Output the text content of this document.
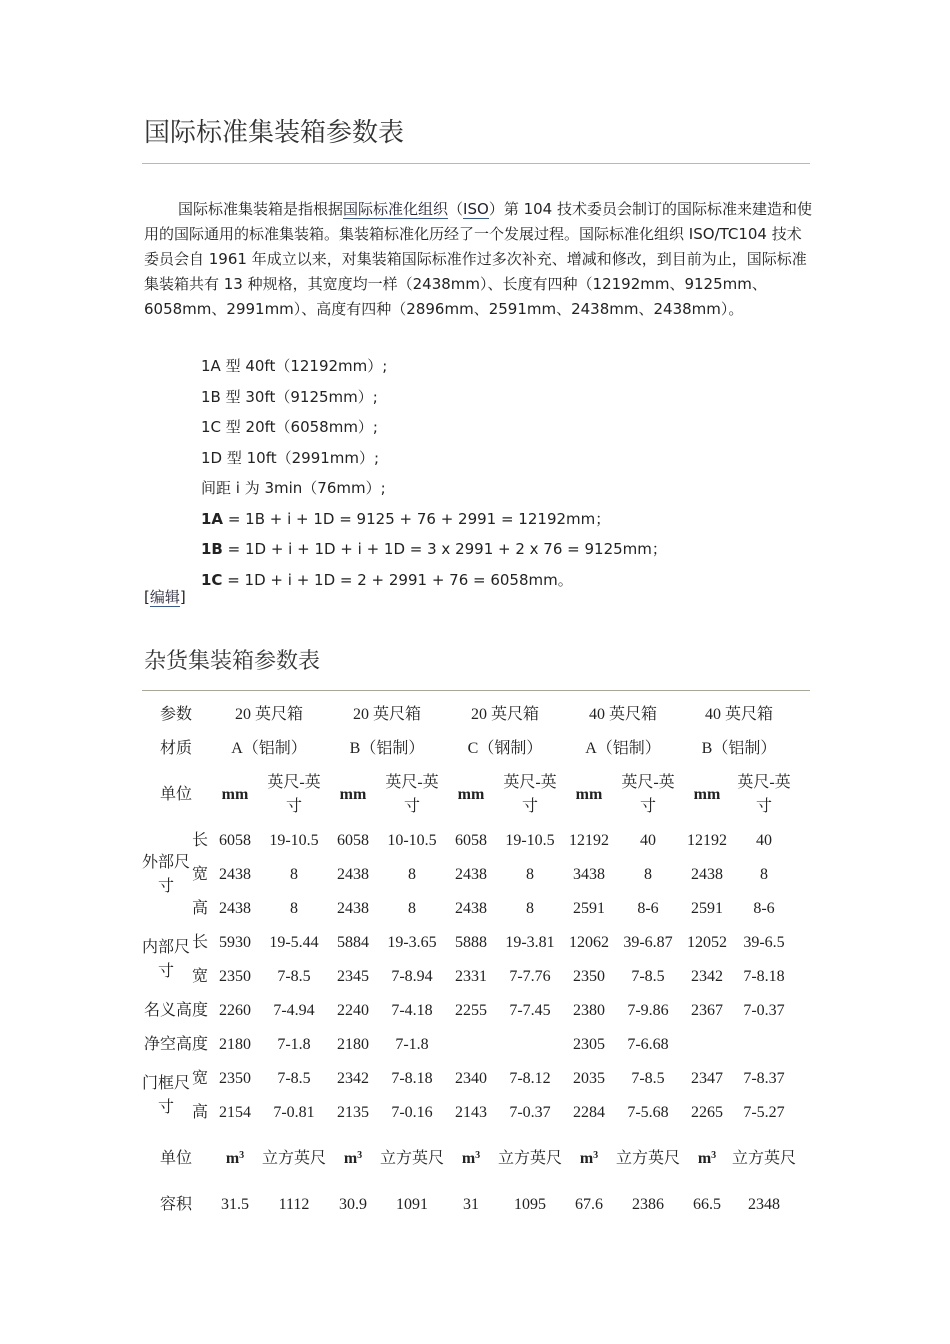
国际标准集装箱参数表

国际标准集装箱是指根据国际标准化组织（ISO）第 104 技术委员会制订的国际标准来建造和使用的国际通用的标准集装箱。集装箱标准化历经了一个发展过程。国际标准化组织 ISO/TC104 技术委员会自 1961 年成立以来，对集装箱国际标准作过多次补充、增减和修改，到目前为止，国际标准集装箱共有 13 种规格，其宽度均一样（2438mm）、长度有四种（12192mm、9125mm、6058mm、2991mm）、高度有四种（2896mm、2591mm、2438mm、2438mm）。

1A 型 40ft（12192mm）;
1B 型 30ft（9125mm）;
1C 型 20ft（6058mm）;
1D 型 10ft（2991mm）;
间距 i 为 3min（76mm）;
1A = 1B + i + 1D = 9125 + 76 + 2991 = 12192mm；
1B = 1D + i + 1D + i + 1D = 3 x 2991 + 2 x 76 = 9125mm；
1C = 1D + i + 1D = 2 + 2991 + 76 = 6058mm。
[编辑]
杂货集装箱参数表
参数		20 英尺箱		20 英尺箱		20 英尺箱		40 英尺箱		40 英尺箱	
材质		A（铝制）		B（铝制）		C（钢制）		A（铝制）		B（铝制）	
单位		mm	英尺-英寸	mm	英尺-英寸	mm	英尺-英寸	mm	英尺-英寸	mm	英尺-英寸
外部尺寸	长	6058	19-10.5	6058	10-10.5	6058	19-10.5	12192	40	12192	40
	宽	2438	8	2438	8	2438	8	3438	8	2438	8
	高	2438	8	2438	8	2438	8	2591	8-6	2591	8-6
内部尺寸	长	5930	19-5.44	5884	19-3.65	5888	19-3.81	12062	39-6.87	12052	39-6.5
	宽	2350	7-8.5	2345	7-8.94	2331	7-7.76	2350	7-8.5	2342	7-8.18
名义高度		2260	7-4.94	2240	7-4.18	2255	7-7.45	2380	7-9.86	2367	7-0.37
净空高度		2180	7-1.8	2180	7-1.8			2305	7-6.68		
门框尺寸	宽	2350	7-8.5	2342	7-8.18	2340	7-8.12	2035	7-8.5	2347	7-8.37
	高	2154	7-0.81	2135	7-0.16	2143	7-0.37	2284	7-5.68	2265	7-5.27
单位		$m^3$	立方英尺	$m^3$	立方英尺	$m^3$	立方英尺	$m^3$	立方英尺	$m^3$	立方英尺
容积		31.5	1112	30.9	1091	31	1095	67.6	2386	66.5	2348
